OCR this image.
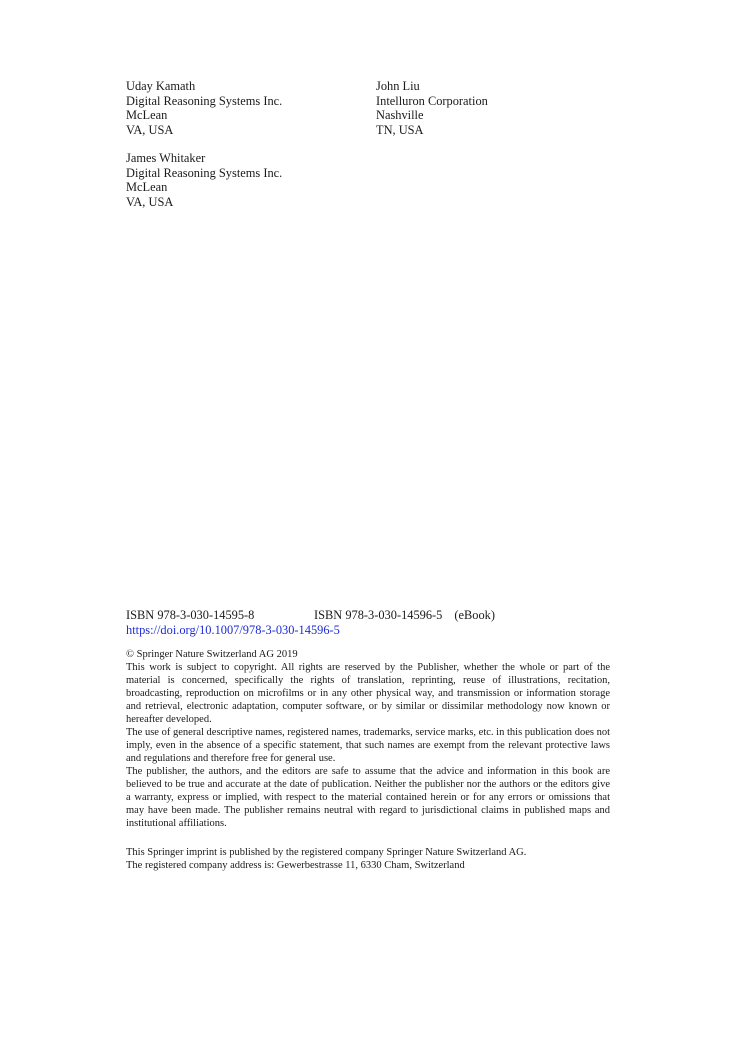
Uday Kamath
Digital Reasoning Systems Inc.
McLean
VA, USA
John Liu
Intelluron Corporation
Nashville
TN, USA
James Whitaker
Digital Reasoning Systems Inc.
McLean
VA, USA
ISBN 978-3-030-14595-8	ISBN 978-3-030-14596-5 (eBook)
https://doi.org/10.1007/978-3-030-14596-5

© Springer Nature Switzerland AG 2019

This work is subject to copyright. All rights are reserved by the Publisher, whether the whole or part of the material is concerned, specifically the rights of translation, reprinting, reuse of illustrations, recitation, broadcasting, reproduction on microfilms or in any other physical way, and transmission or information storage and retrieval, electronic adaptation, computer software, or by similar or dissimilar methodology now known or hereafter developed.

The use of general descriptive names, registered names, trademarks, service marks, etc. in this publication does not imply, even in the absence of a specific statement, that such names are exempt from the relevant protective laws and regulations and therefore free for general use.

The publisher, the authors, and the editors are safe to assume that the advice and information in this book are believed to be true and accurate at the date of publication. Neither the publisher nor the authors or the editors give a warranty, express or implied, with respect to the material contained herein or for any errors or omissions that may have been made. The publisher remains neutral with regard to jurisdictional claims in published maps and institutional affiliations.

This Springer imprint is published by the registered company Springer Nature Switzerland AG.

The registered company address is: Gewerbestrasse 11, 6330 Cham, Switzerland
